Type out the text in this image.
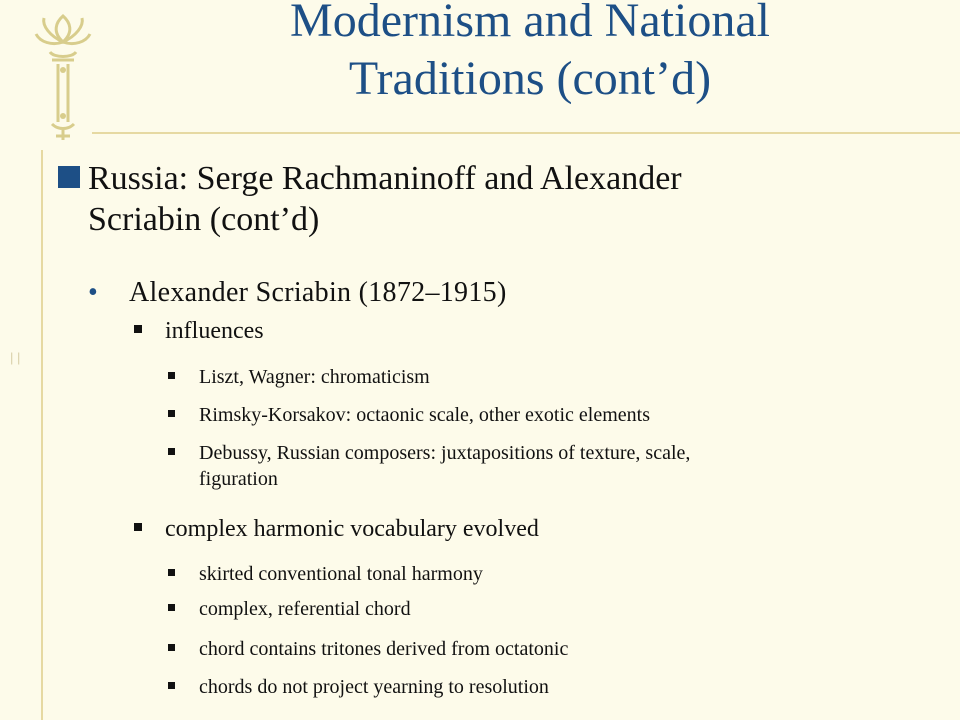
| |
Modernism and National
Traditions (cont’d)
Russia: Serge Rachmaninoff and Alexander
Scriabin (cont’d)
• Alexander Scriabin (1872–1915)
influences
Liszt, Wagner: chromaticism
Rimsky-Korsakov: octaonic scale, other exotic elements
Debussy, Russian composers: juxtapositions of texture, scale,
figuration
complex harmonic vocabulary evolved
skirted conventional tonal harmony
complex, referential chord
chord contains tritones derived from octatonic
chords do not project yearning to resolution
